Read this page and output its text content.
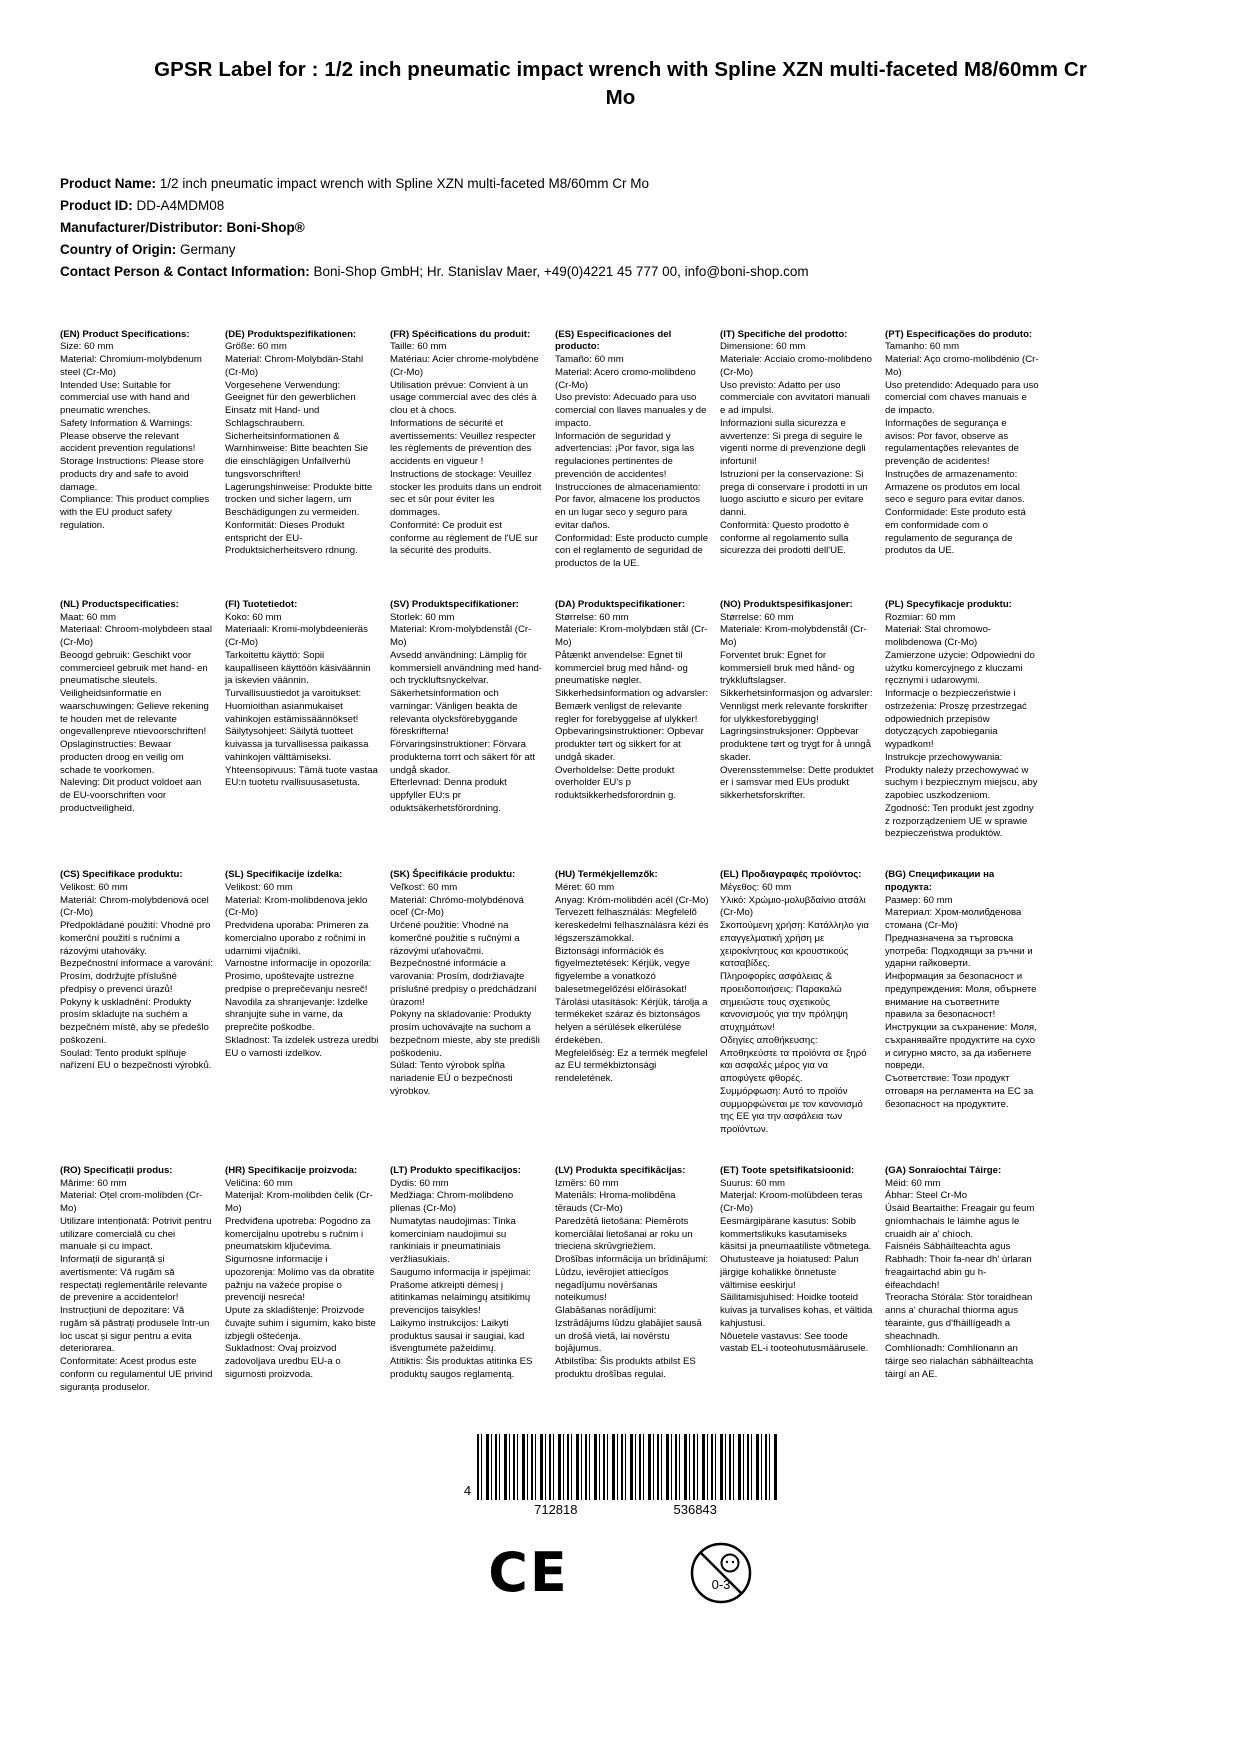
GPSR Label for : 1/2 inch pneumatic impact wrench with Spline XZN multi-faceted M8/60mm Cr Mo
Product Name: 1/2 inch pneumatic impact wrench with Spline XZN multi-faceted M8/60mm Cr Mo
Product ID: DD-A4MDM08
Manufacturer/Distributor: Boni-Shop®
Country of Origin: Germany
Contact Person & Contact Information: Boni-Shop GmbH; Hr. Stanislav Maer, +49(0)4221 45 777 00, info@boni-shop.com
(EN) Product Specifications:

Size: 60 mm

Material: Chromium-molybdenum steel (Cr-Mo)

Intended Use: Suitable for commercial use with hand and pneumatic wrenches.

Safety Information & Warnings: Please observe the relevant accident prevention regulations!

Storage Instructions: Please store products dry and safe to avoid damage.

Compliance: This product complies with the EU product safety regulation.

(DE) Produktspezifikationen:

Größe: 60 mm

Material: Chrom-Molybdän-Stahl (Cr-Mo)

Vorgesehene Verwendung: Geeignet für den gewerblichen Einsatz mit Hand- und Schlagschraubern.

Sicherheitsinformationen & Warnhinweise: Bitte beachten Sie die einschlägigen Unfallverhü tungsvorschriften!

Lagerungshinweise: Produkte bitte trocken und sicher lagern, um Beschädigungen zu vermeiden.

Konformität: Dieses Produkt entspricht der EU-Produktsicherheitsvero rdnung.

(FR) Spécifications du produit:

Taille: 60 mm

Matériau: Acier chrome-molybdène (Cr-Mo)

Utilisation prévue: Convient à un usage commercial avec des clés à clou et à chocs.

Informations de sécurité et avertissements: Veuillez respecter les règlements de prévention des accidents en vigueur !

Instructions de stockage: Veuillez stocker les produits dans un endroit sec et sûr pour éviter les dommages.

Conformité: Ce produit est conforme au règlement de l'UE sur la sécurité des produits.

(ES) Especificaciones del producto:

Tamaño: 60 mm

Material: Acero cromo-molibdeno (Cr-Mo)

Uso previsto: Adecuado para uso comercial con llaves manuales y de impacto.

Información de seguridad y advertencias: ¡Por favor, siga las regulaciones pertinentes de prevención de accidentes!

Instrucciones de almacenamiento: Por favor, almacene los productos en un lugar seco y seguro para evitar daños.

Conformidad: Este producto cumple con el reglamento de seguridad de productos de la UE.

(IT) Specifiche del prodotto:

Dimensione: 60 mm

Materiale: Acciaio cromo-molibdeno (Cr-Mo)

Uso previsto: Adatto per uso commerciale con avvitatori manuali e ad impulsi.

Informazioni sulla sicurezza e avvertenze: Si prega di seguire le vigenti norme di prevenzione degli infortuni!

Istruzioni per la conservazione: Si prega di conservare i prodotti in un luogo asciutto e sicuro per evitare danni.

Conformità: Questo prodotto è conforme al regolamento sulla sicurezza dei prodotti dell'UE.

(PT) Especificações do produto:

Tamanho: 60 mm

Material: Aço cromo-molibdénio (Cr-Mo)

Uso pretendido: Adequado para uso comercial com chaves manuais e de impacto.

Informações de segurança e avisos: Por favor, observe as regulamentações relevantes de prevenção de acidentes!

Instruções de armazenamento: Armazene os produtos em local seco e seguro para evitar danos.

Conformidade: Este produto está em conformidade com o regulamento de segurança de produtos da UE.

(NL) Productspecificaties:

Maat: 60 mm

Materiaal: Chroom-molybdeen staal (Cr-Mo)

Beoogd gebruik: Geschikt voor commercieel gebruik met hand- en pneumatische sleutels.

Veiligheidsinformatie en waarschuwingen: Gelieve rekening te houden met de relevante ongevallenpreve ntievoorschriften!

Opslaginstructies: Bewaar producten droog en veilig om schade te voorkomen.

Naleving: Dit product voldoet aan de EU-voorschriften voor productveiligheid.

(FI) Tuotetiedot:

Koko: 60 mm

Materiaali: Kromi-molybdeenieräs (Cr-Mo)

Tarkoitettu käyttö: Sopii kaupalliseen käyttöön käsiväännin ja iskevien väännin.

Turvallisuustiedot ja varoitukset: Huomioithan asianmukaiset vahinkojen estämissäännökset!

Säilytysohjeet: Säilytä tuotteet kuivassa ja turvallisessa paikassa vahinkojen välttämiseksi.

Yhteensopivuus: Tämä tuote vastaa EU:n tuotetu rvallisuusasetusta.

(SV) Produktspecifikationer:

Storlek: 60 mm

Material: Krom-molybdenstål (Cr-Mo)

Avsedd användning: Lämplig för kommersiell användning med hand- och tryckluftsnyckelvar.

Säkerhetsinformation och varningar: Vänligen beakta de relevanta olycksförebyggande föreskrifterna!

Förvaringsinstruktioner: Förvara produkterna torrt och säkert för att undgå skador.

Efterlevnad: Denna produkt uppfyller EU:s pr oduktsäkerhetsförordning.

(DA) Produktspecifikationer:

Størrelse: 60 mm

Materiale: Krom-molybdæn stål (Cr-Mo)

Påtænkt anvendelse: Egnet til kommerciel brug med hånd- og pneumatiske nøgler.

Sikkerhedsinformation og advarsler: Bemærk venligst de relevante regler for forebyggelse af ulykker!

Opbevaringsinstruktioner: Opbevar produkter tørt og sikkert for at undgå skader.

Overholdelse: Dette produkt overholder EU's p roduktsikkerhedsforordnin g.

(NO) Produktspesifikasjoner:

Størrelse: 60 mm

Materiale: Krom-molybdenstål (Cr-Mo)

Forventet bruk: Egnet for kommersiell bruk med hånd- og trykkluftslagser.

Sikkerhetsinformasjon og advarsler: Vennligst merk relevante forskrifter for ulykkesforebygging!

Lagringsinstruksjoner: Oppbevar produktene tørt og trygt for å unngå skader.

Overensstemmelse: Dette produktet er i samsvar med EUs produkt sikkerhetsforskrifter.

(PL) Specyfikacje produktu:

Rozmiar: 60 mm

Materiał: Stal chromowo-molibdenowa (Cr-Mo)

Zamierzone użycie: Odpowiedni do użytku komercyjnego z kluczami ręcznymi i udarowymi.

Informacje o bezpieczeństwie i ostrzeżenia: Proszę przestrzegać odpowiednich przepisów dotyczących zapobiegania wypadkom!

Instrukcje przechowywania: Produkty należy przechowywać w suchym i bezpiecznym miejscu, aby zapobiec uszkodzeniom.

Zgodność: Ten produkt jest zgodny z rozporządzeniem UE w sprawie bezpieczeństwa produktów.

(CS) Specifikace produktu:

Velikost: 60 mm

Materiál: Chrom-molybdenová ocel (Cr-Mo)

Předpokládané použití: Vhodné pro komerční použití s ručními a rázovými utahováky.

Bezpečnostní informace a varování: Prosím, dodržujte příslušné předpisy o prevenci úrazů!

Pokyny k uskladnění: Produkty prosím skladujte na suchém a bezpečném místě, aby se předešlo poškození.

Soulad: Tento produkt splňuje nařízení EU o bezpečnosti výrobků.

(SL) Specifikacije izdelka:

Velikost: 60 mm

Material: Krom-molibdenova jeklo (Cr-Mo)

Predvidena uporaba: Primeren za komercialno uporabo z ročnimi in udarnimi vijačniki.

Varnostne informacije in opozorila: Prosimo, upoštevajte ustrezne predpise o preprečevanju nesreč!

Navodila za shranjevanje: Izdelke shranjujte suhe in varne, da preprečite poškodbe.

Skladnost: Ta izdelek ustreza uredbi EU o varnosti izdelkov.

(SK) Špecifikácie produktu:

Veľkosť: 60 mm

Materiál: Chrómo-molybdénová oceľ (Cr-Mo)

Určené použitie: Vhodné na komerčné použitie s ručnými a rázovými uťahovačmi.

Bezpečnostné informácie a varovania: Prosím, dodržiavajte príslušné predpisy o predchádzaní úrazom!

Pokyny na skladovanie: Produkty prosím uchovávajte na suchom a bezpečnom mieste, aby ste predišli poškodeniu.

Súlad: Tento výrobok spĺňa nariadenie EÚ o bezpečnosti výrobkov.

(HU) Termékjellemzők:

Méret: 60 mm

Anyag: Króm-molibdén acél (Cr-Mo)

Tervezett felhasználás: Megfelelő kereskedelmi felhasználásra kézi és légszerszámokkal.

Biztonsági információk és figyelmeztetések: Kérjük, vegye figyelembe a vonatkozó balesetmegelőzési előírásokat!

Tárolási utasítások: Kérjük, tárolja a termékeket száraz és biztonságos helyen a sérülések elkerülése érdekében.

Megfelelőség: Ez a termék megfelel az EU termékbiztonsági rendeletének.

(EL) Προδιαγραφές προϊόντος:

Μέγεθος: 60 mm

Υλικό: Χρώμιο-μολυβδαίνιο ατσάλι (Cr-Mo)

Σκοπούμενη χρήση: Κατάλληλο για επαγγελματική χρήση με χειροκίνητους και κρουστικούς κατσαβίδες.

Πληροφορίες ασφάλειας & προειδοποιήσεις: Παρακαλώ σημειώστε τους σχετικούς κανονισμούς για την πρόληψη ατυχημάτων!

Οδηγίες αποθήκευσης: Αποθηκεύστε τα προϊόντα σε ξηρό και ασφαλές μέρος για να αποφύγετε φθορές.

Συμμόρφωση: Αυτό το προϊόν συμμορφώνεται με τον κανονισμό της ΕΕ για την ασφάλεια των προϊόντων.

(BG) Спецификации на продукта:

Размер: 60 mm

Материал: Хром-молибденова стомана (Cr-Mo)

Предназначена за търговска употреба: Подходящи за ръчни и ударни гайковерти.

Информация за безопасност и предупреждения: Моля, обърнете внимание на съответните правила за безопасност!

Инструкции за съхранение: Моля, съхранявайте продуктите на сухо и сигурно място, за да избегнете повреди.

Съответствие: Този продукт отговаря на регламента на ЕС за безопасност на продуктите.

(RO) Specificații produs:

Mărime: 60 mm

Material: Oțel crom-molibden (Cr-Mo)

Utilizare intenționată: Potrivit pentru utilizare comercială cu chei manuale și cu impact.

Informații de siguranță și avertismente: Vă rugăm să respectați reglementările relevante de prevenire a accidentelor!

Instrucțiuni de depozitare: Vă rugăm să păstrați produsele într-un loc uscat și sigur pentru a evita deteriorarea.

Conformitate: Acest produs este conform cu regulamentul UE privind siguranța produselor.

(HR) Specifikacije proizvoda:

Veličina: 60 mm

Materijal: Krom-molibden čelik (Cr-Mo)

Predviđena upotreba: Pogodno za komercijalnu upotrebu s ručnim i pneumatskim ključevima.

Sigurnosne informacije i upozorenja: Molimo vas da obratite pažnju na važeće propise o prevenciji nesreća!

Upute za skladištenje: Proizvode čuvajte suhim i sigurnim, kako biste izbjegli oštećenja.

Sukladnost: Ovaj proizvod zadovoljava uredbu EU-a o sigurnosti proizvoda.

(LT) Produkto specifikacijos:

Dydis: 60 mm

Medžiaga: Chrom-molibdeno plienas (Cr-Mo)

Numatytas naudojimas: Tinka komerciniam naudojimui su rankiniais ir pneumatiniais veržliasukiais.

Saugumo informacija ir įspėjimai: Prašome atkreipti dėmesį į atitinkamas nelaimingų atsitikimų prevencijos taisykles!

Laikymo instrukcijos: Laikyti produktus sausai ir saugiai, kad išvengtumėte pažeidimų.

Atitiktis: Šis produktas atitinka ES produktų saugos reglamentą.

(LV) Produkta specifikācijas:

Izmērs: 60 mm

Materiāls: Hroma-molibdēna tērauds (Cr-Mo)

Paredzētā lietošana: Piemērots komerciālai lietošanai ar roku un trieciena skrūvgriežiem.

Drošības informācija un brīdinājumi: Lūdzu, ievērojiet attiecīgos negadījumu novēršanas noteikumus!

Glabāšanas norādījumi: Izstrādājums lūdzu glabājiet sausā un drošā vietā, lai novērstu bojājumus.

Atbilstība: Šis produkts atbilst ES produktu drošības regulai.

(ET) Toote spetsifikatsioonid:

Suurus: 60 mm

Materjal: Kroom-molübdeen teras (Cr-Mo)

Eesmärgipärane kasutus: Sobib kommertslikuks kasutamiseks käsitsi ja pneumaatiliste võtmetega.

Ohutusteave ja hoiatused: Palun järgige kohalikke õnnetuste vältimise eeskirju!

Säilitamisjuhised: Hoidke tooteid kuivas ja turvalises kohas, et vältida kahjustusi.

Nõuetele vastavus: See toode vastab EL-i tooteohutusmäärusele.

(GA) Sonraíochtaí Táirge:

Méid: 60 mm

Ábhar: Steel Cr-Mo

Úsáid Beartaithe: Freagair gu feum gníomhachais le láimhe agus le cruaidh air a' chìoch.

Faisnéis Sábháilteachta agus Rabhadh: Thoir fa-near dh' ùrlaran freagairtachd abin gu h-éifeachdach!

Treoracha Stórála: Stòr toraidhean anns a' churachal thiorma agus tèarainte, gus d'fhàillígeadh a sheachnadh.

Comhlíonadh: Comhlíonann an táirge seo rialachán sábháilteachta táirgí an AE.

4
712818	536843
CE	0-3
